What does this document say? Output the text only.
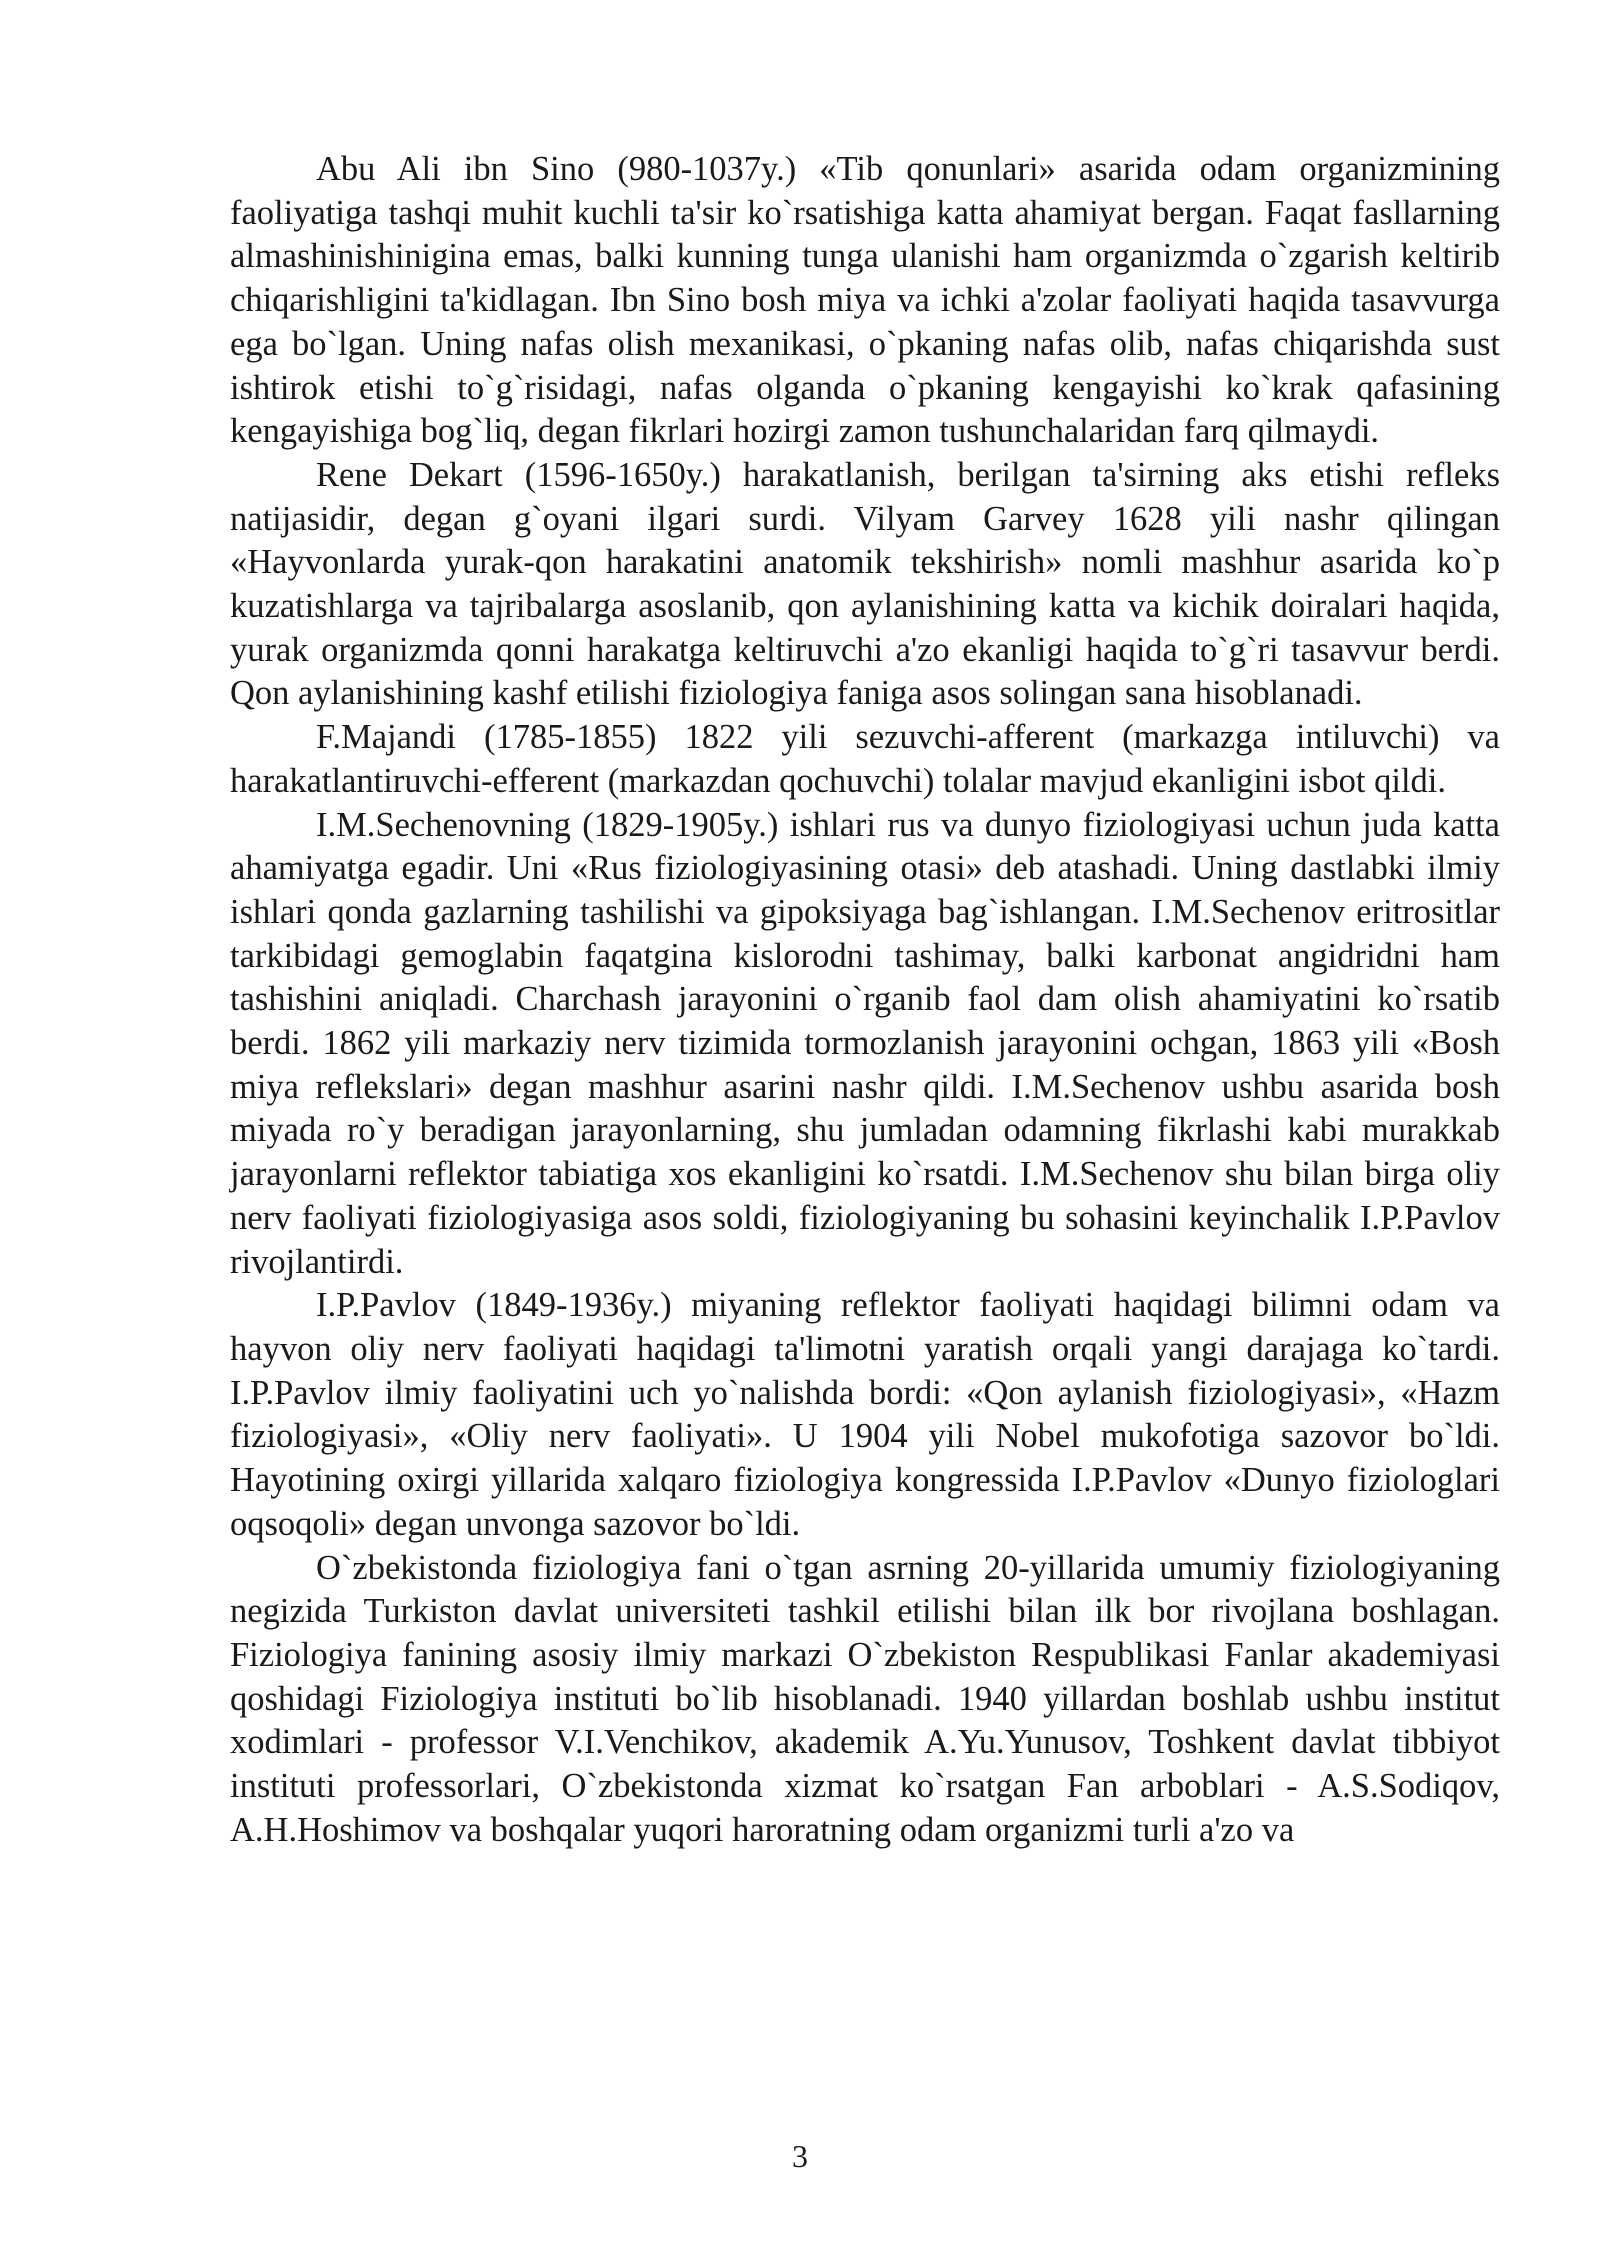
Abu Ali ibn Sino (980-1037y.) «Tib qonunlari» asarida odam organizmining faoliyatiga tashqi muhit kuchli ta'sir ko`rsatishiga katta ahamiyat bergan. Faqat fasllarning almashinishinigina emas, balki kunning tunga ulanishi ham organizmda o`zgarish keltirib chiqarishligini ta'kidlagan. Ibn Sino bosh miya va ichki a'zolar faoliyati haqida tasavvurga ega bo`lgan. Uning nafas olish mexanikasi, o`pkaning nafas olib, nafas chiqarishda sust ishtirok etishi to`g`risidagi, nafas olganda o`pkaning kengayishi ko`krak qafasining kengayishiga bog`liq, degan fikrlari hozirgi zamon tushunchalaridan farq qilmaydi.

Rene Dekart (1596-1650y.) harakatlanish, berilgan ta'sirning aks etishi refleks natijasidir, degan g`oyani ilgari surdi. Vilyam Garvey 1628 yili nashr qilingan «Hayvonlarda yurak-qon harakatini anatomik tekshirish» nomli mashhur asarida ko`p kuzatishlarga va tajribalarga asoslanib, qon aylanishining katta va kichik doiralari haqida, yurak organizmda qonni harakatga keltiruvchi a'zo ekanligi haqida to`g`ri tasavvur berdi. Qon aylanishining kashf etilishi fiziologiya faniga asos solingan sana hisoblanadi.

F.Majandi (1785-1855) 1822 yili sezuvchi-afferent (markazga intiluvchi) va harakatlantiruvchi-efferent (markazdan qochuvchi) tolalar mavjud ekanligini isbot qildi.

I.M.Sechenovning (1829-1905y.) ishlari rus va dunyo fiziologiyasi uchun juda katta ahamiyatga egadir. Uni «Rus fiziologiyasining otasi» deb atashadi. Uning dastlabki ilmiy ishlari qonda gazlarning tashilishi va gipoksiyaga bag`ishlangan. I.M.Sechenov eritrositlar tarkibidagi gemoglabin faqatgina kislorodni tashimay, balki karbonat angidridni ham tashishini aniqladi. Charchash jarayonini o`rganib faol dam olish ahamiyatini ko`rsatib berdi. 1862 yili markaziy nerv tizimida tormozlanish jarayonini ochgan, 1863 yili «Bosh miya reflekslari» degan mashhur asarini nashr qildi. I.M.Sechenov ushbu asarida bosh miyada ro`y beradigan jarayonlarning, shu jumladan odamning fikrlashi kabi murakkab jarayonlarni reflektor tabiatiga xos ekanligini ko`rsatdi. I.M.Sechenov shu bilan birga oliy nerv faoliyati fiziologiyasiga asos soldi, fiziologiyaning bu sohasini keyinchalik I.P.Pavlov rivojlantirdi.

I.P.Pavlov (1849-1936y.) miyaning reflektor faoliyati haqidagi bilimni odam va hayvon oliy nerv faoliyati haqidagi ta'limotni yaratish orqali yangi darajaga ko`tardi. I.P.Pavlov ilmiy faoliyatini uch yo`nalishda bordi: «Qon aylanish fiziologiyasi», «Hazm fiziologiyasi», «Oliy nerv faoliyati». U 1904 yili Nobel mukofotiga sazovor bo`ldi. Hayotining oxirgi yillarida xalqaro fiziologiya kongressida I.P.Pavlov «Dunyo fiziologlari oqsoqoli» degan unvonga sazovor bo`ldi.

O`zbekistonda fiziologiya fani o`tgan asrning 20-yillarida umumiy fiziologiyaning negizida Turkiston davlat universiteti tashkil etilishi bilan ilk bor rivojlana boshlagan. Fiziologiya fanining asosiy ilmiy markazi O`zbekiston Respublikasi Fanlar akademiyasi qoshidagi Fiziologiya instituti bo`lib hisoblanadi. 1940 yillardan boshlab ushbu institut xodimlari - professor V.I.Venchikov, akademik A.Yu.Yunusov, Toshkent davlat tibbiyot instituti professorlari, O`zbekistonda xizmat ko`rsatgan Fan arboblari - A.S.Sodiqov, A.H.Hoshimov va boshqalar yuqori haroratning odam organizmi turli a'zo va

3
